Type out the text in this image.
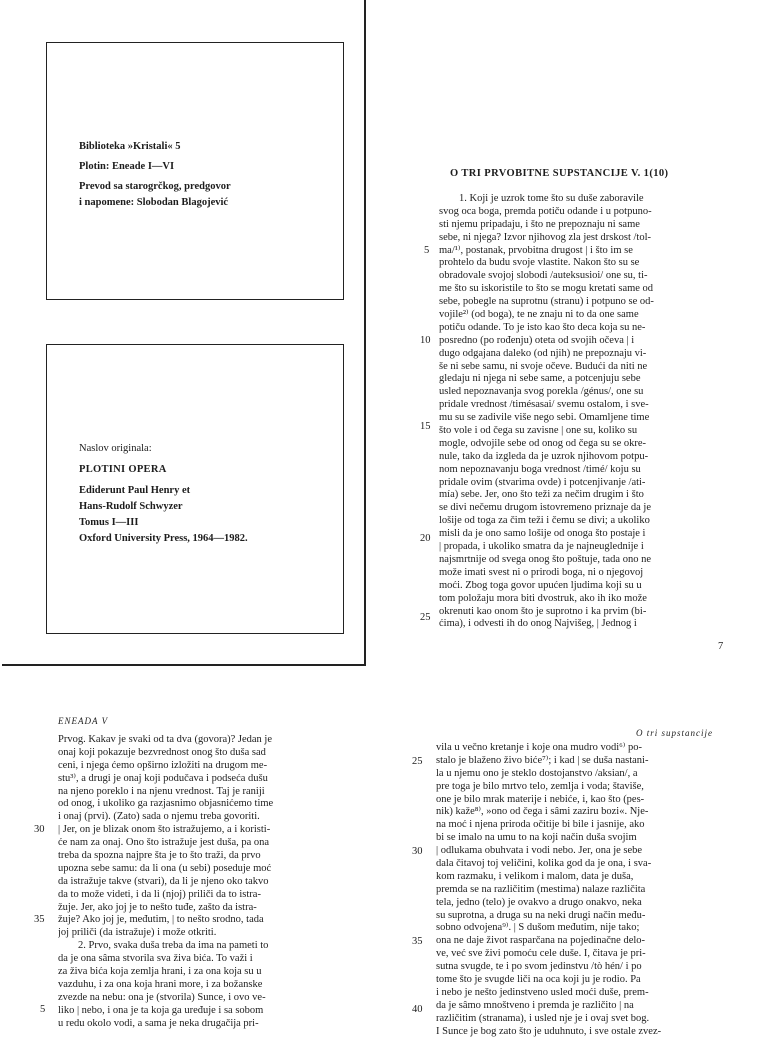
Biblioteka »Kristali« 5
Plotin: Eneade I—VI
Prevod sa starogrčkog, predgovor
i napomene: Slobodan Blagojević
Naslov originala:
PLOTINI OPERA
Ediderunt Paul Henry et
Hans-Rudolf Schwyzer
Tomus I—III
Oxford University Press, 1964—1982.
O TRI PRVOBITNE SUPSTANCIJE V. 1(10)
1. Koji je uzrok tome što su duše zaboravile
svog oca boga, premda potiču odande i u potpuno-
sti njemu pripadaju, i što ne prepoznaju ni same
sebe, ni njega? Izvor njihovog zla jest drskost /tol-
ma/¹⁾, postanak, prvobitna drugost | i što im se
prohtelo da budu svoje vlastite. Nakon što su se
obradovale svojoj slobodi /auteksusioi/ one su, ti-
me što su iskoristile to što se mogu kretati same od
sebe, pobegle na suprotnu (stranu) i potpuno se od-
vojile²⁾ (od boga), te ne znaju ni to da one same
potiču odande. To je isto kao što deca koja su ne-
posredno (po rođenju) oteta od svojih očeva | i
dugo odgajana daleko (od njih) ne prepoznaju vi-
še ni sebe samu, ni svoje očeve. Budući da niti ne
gledaju ni njega ni sebe same, a potcenjuju sebe
usled nepoznavanja svog porekla /génus/, one su
pridale vrednost /timésasai/ svemu ostalom, i sve-
mu su se zadivile više nego sebi. Omamljene time
što vole i od čega su zavisne | one su, koliko su
mogle, odvojile sebe od onog od čega su se okre-
nule, tako da izgleda da je uzrok njihovom potpu-
nom nepoznavanju boga vrednost /timé/ koju su
pridale ovim (stvarima ovde) i potcenjivanje /ati-
mía) sebe. Jer, ono što teži za nečim drugim i što
se divi nečemu drugom istovremeno priznaje da je
lošije od toga za čim teži i čemu se divi; a ukoliko
misli da je ono samo lošije od onoga što postaje i
| propada, i ukoliko smatra da je najneuglednije i
najsmrtnije od svega onog što poštuje, tada ono ne
može imati svest ni o prirodi boga, ni o njegovoj
moći. Zbog toga govor upućen ljudima koji su u
tom položaju mora biti dvostruk, ako ih iko može
okrenuti kao onom što je suprotno i ka prvim (bi-
ćima), i odvesti ih do onog Najvišeg, | Jednog i
5
10
15
20
25
7
ENEADA V
Prvog. Kakav je svaki od ta dva (govora)? Jedan je
onaj koji pokazuje bezvrednost onog što duša sad
ceni, i njega ćemo opširno izložiti na drugom me-
stu³⁾, a drugi je onaj koji podučava i podseća dušu
na njeno poreklo i na njenu vrednost. Taj je raniji
od onog, i ukoliko ga razjasnimo objasnićemo time
i onaj (prvi). (Zato) sada o njemu treba govoriti.
| Jer, on je blizak onom što istražujemo, a i koristi-
će nam za onaj. Ono što istražuje jest duša, pa ona
treba da spozna najpre šta je to što traži, da prvo
upozna sebe samu: da li ona (u sebi) poseduje moć
da istražuje takve (stvari), da li je njeno oko takvo
da to može videti, i da li (njoj) priliči da to istra-
žuje. Jer, ako joj je to nešto tuđe, zašto da istra-
žuje? Ako joj je, međutim, | to nešto srodno, tada
joj priliči (da istražuje) i može otkriti.
2. Prvo, svaka duša treba da ima na pameti to
da je ona sâma stvorila sva živa bića. To važi i
za živa bića koja zemlja hrani, i za ona koja su u
vazduhu, i za ona koja hrani more, i za božanske
zvezde na nebu: ona je (stvorila) Sunce, i ovo ve-
liko | nebo, i ona je ta koja ga uređuje i sa sobom
u redu okolo vodi, a sama je neka drugačija pri-
30
35
5
O tri supstancije
vila u večno kretanje i koje ona mudro vodi⁶⁾ po-
stalo je blaženo živo biće⁷⁾; i kad | se duša nastani-
la u njemu ono je steklo dostojanstvo /aksian/, a
pre toga je bilo mrtvo telo, zemlja i voda; štaviše,
one je bilo mrak materije i nebiće, i, kao što (pes-
nik) kaže⁸⁾, »ono od čega i sâmi zaziru bozi«. Nje-
na moć i njena priroda očitije bi bile i jasnije, ako
bi se imalo na umu to na koji način duša svojim
| odlukama obuhvata i vodi nebo. Jer, ona je sebe
dala čitavoj toj veličini, kolika god da je ona, i sva-
kom razmaku, i velikom i malom, data je duša,
premda se na različitim (mestima) nalaze različita
tela, jedno (telo) je ovakvo a drugo onakvo, neka
su suprotna, a druga su na neki drugi način među-
sobno odvojena⁹⁾. | S dušom međutim, nije tako;
ona ne daje život rasparčana na pojedinačne delo-
ve, već sve živi pomoću cele duše. I, čitava je pri-
sutna svugde, te i po svom jedinstvu /tò hén/ i po
tome što je svugde liči na oca koji ju je rodio. Pa
i nebo je nešto jedinstveno usled moći duše, prem-
da je sâmo mnoštveno i premda je različito | na
različitim (stranama), i usled nje je i ovaj svet bog.
I Sunce je bog zato što je uduhnuto, i sve ostale zvez-
25
30
35
40
